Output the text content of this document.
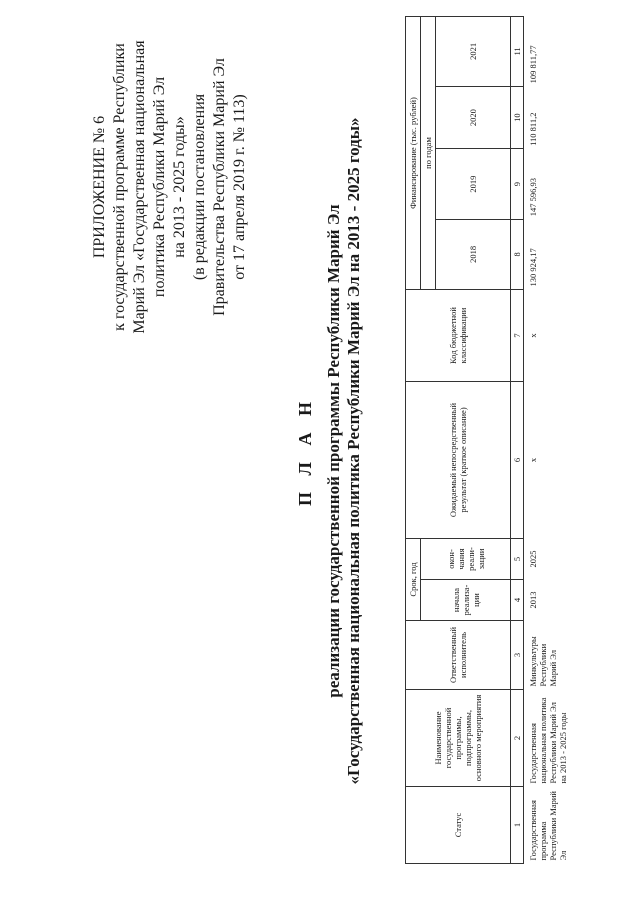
ПРИЛОЖЕНИЕ № 6 к государственной программе Республики Марий Эл «Государственная национальная политика Республики Марий Эл на 2013 - 2025 годы» (в редакции постановления Правительства Республики Марий Эл от 17 апреля 2019 г. № 113)
П Л А Н реализации государственной программы Республики Марий Эл «Государственная национальная политика Республики Марий Эл на 2013 - 2025 годы»
Статус	Наименование государственной программы, подпрограммы, основного мероприятия	Ответственный исполнитель	Срок, год		Ожидаемый непосредственный результат (краткое описание)	Код бюджетной классификации	Финансирование (тыс. рублей)			
			начала реализа-ции	окон-чания реали-зации			по годам			
							2018	2019	2020	2021
1	2	3	4	5	6	7	8	9	10	11
Государственная программа Республики Марий Эл	Государственная национальная политика Республики Марий Эл на 2013 - 2025 годы	Минкультуры Республики Марий Эл	2013	2025	x	x	130 924,17	147 596,93	110 811,2	109 811,77
